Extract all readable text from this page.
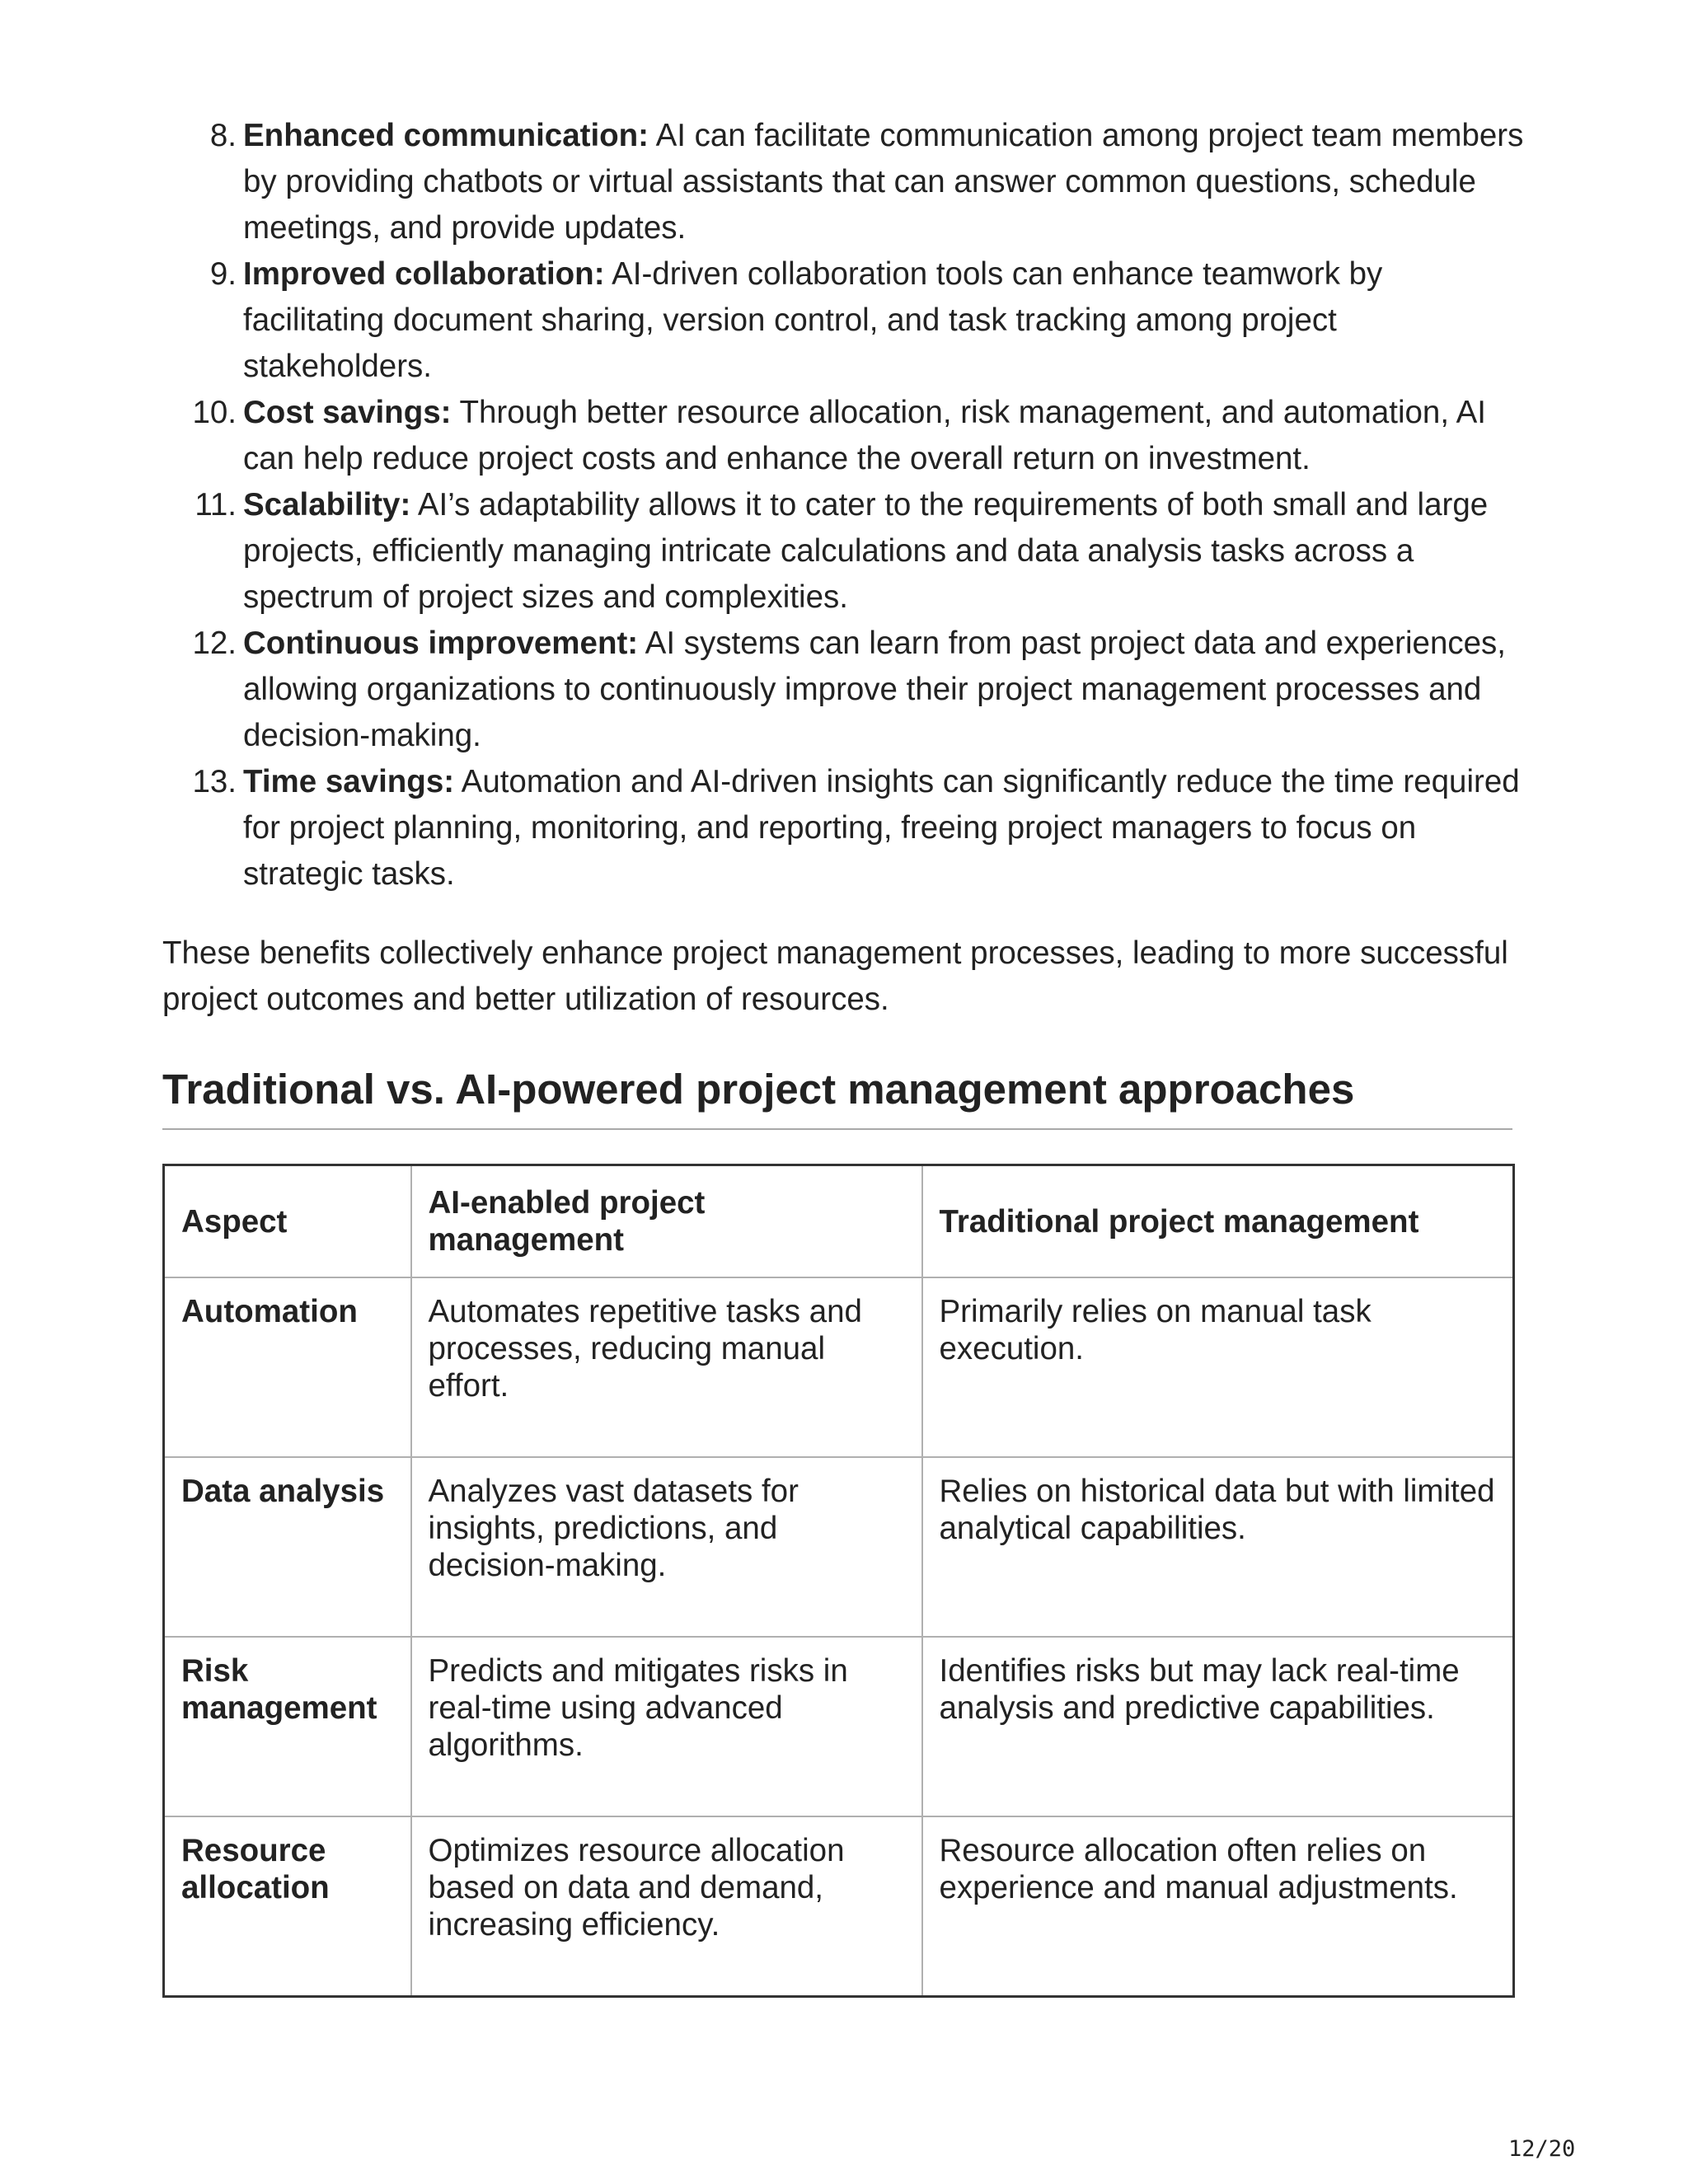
8. Enhanced communication: AI can facilitate communication among project team members by providing chatbots or virtual assistants that can answer common questions, schedule meetings, and provide updates.
9. Improved collaboration: AI-driven collaboration tools can enhance teamwork by facilitating document sharing, version control, and task tracking among project stakeholders.
10. Cost savings: Through better resource allocation, risk management, and automation, AI can help reduce project costs and enhance the overall return on investment.
11. Scalability: AI’s adaptability allows it to cater to the requirements of both small and large projects, efficiently managing intricate calculations and data analysis tasks across a spectrum of project sizes and complexities.
12. Continuous improvement: AI systems can learn from past project data and experiences, allowing organizations to continuously improve their project management processes and decision-making.
13. Time savings: Automation and AI-driven insights can significantly reduce the time required for project planning, monitoring, and reporting, freeing project managers to focus on strategic tasks.

These benefits collectively enhance project management processes, leading to more successful project outcomes and better utilization of resources.

Traditional vs. AI-powered project management approaches
Aspect	AI-enabled project management	Traditional project management
Automation	Automates repetitive tasks and processes, reducing manual effort.	Primarily relies on manual task execution.
Data analysis	Analyzes vast datasets for insights, predictions, and decision-making.	Relies on historical data but with limited analytical capabilities.
Risk management	Predicts and mitigates risks in real-time using advanced algorithms.	Identifies risks but may lack real-time analysis and predictive capabilities.
Resource allocation	Optimizes resource allocation based on data and demand, increasing efficiency.	Resource allocation often relies on experience and manual adjustments.
12/20
